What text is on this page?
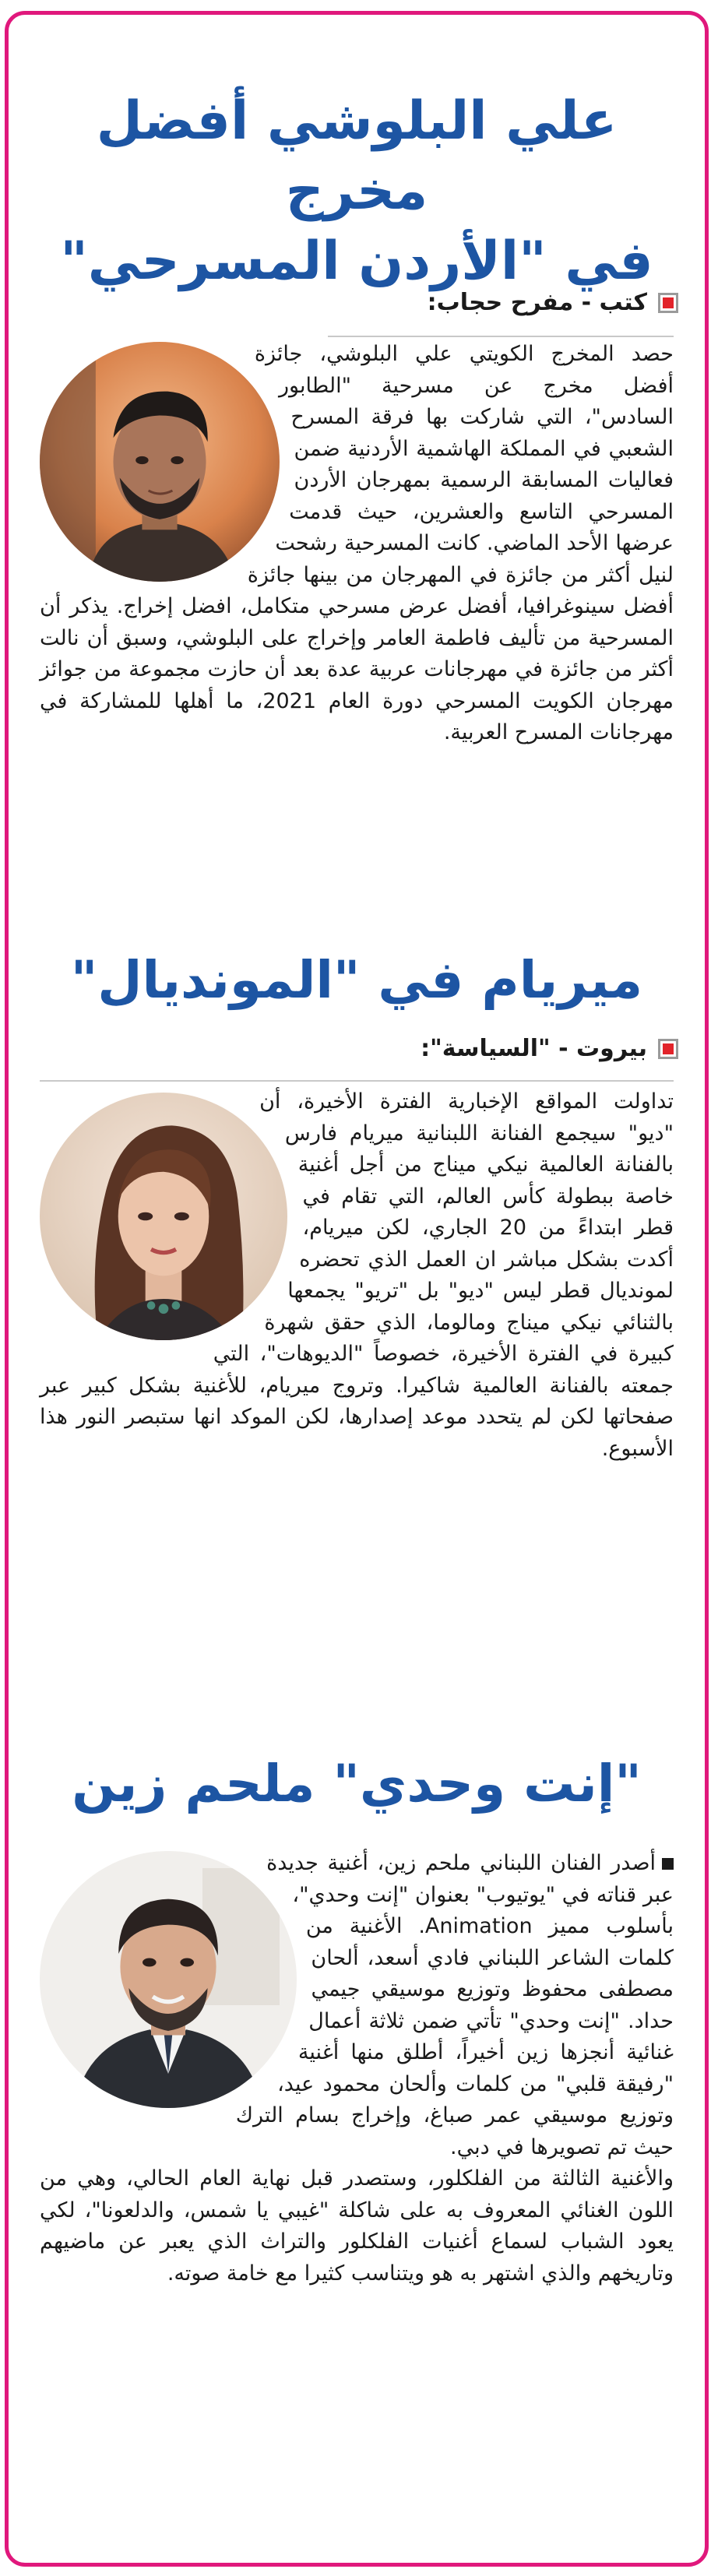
علي البلوشي أفضل مخرج
في "الأردن المسرحي"
كتب - مفرح حجاب:

حصد المخرج الكويتي علي البلوشي، جائزة أفضل مخرج عن مسرحية "الطابور السادس"، التي شاركت بها فرقة المسرح الشعبي في المملكة الهاشمية الأردنية ضمن فعاليات المسابقة الرسمية بمهرجان الأردن المسرحي التاسع والعشرين، حيث قدمت عرضها الأحد الماضي. كانت المسرحية رشحت لنيل أكثر من جائزة في المهرجان من بينها جائزة أفضل سينوغرافيا، أفضل عرض مسرحي متكامل، افضل إخراج. يذكر أن المسرحية من تأليف فاطمة العامر وإخراج على البلوشي، وسبق أن نالت أكثر من جائزة في مهرجانات عربية عدة بعد أن حازت مجموعة من جوائز مهرجان الكويت المسرحي دورة العام 2021، ما أهلها للمشاركة في مهرجانات المسرح العربية.

ميريام في "المونديال"
بيروت - "السياسة":

تداولت المواقع الإخبارية الفترة الأخيرة، أن "ديو" سيجمع الفنانة اللبنانية ميريام فارس بالفنانة العالمية نيكي ميناج من أجل أغنية خاصة ببطولة كأس العالم، التي تقام في قطر ابتداءً من 20 الجاري، لكن ميريام، أكدت بشكل مباشر ان العمل الذي تحضره لمونديال قطر ليس "ديو" بل "تريو" يجمعها بالثنائي نيكي ميناج ومالوما، الذي حقق شهرة كبيرة في الفترة الأخيرة، خصوصاً "الديوهات"، التي جمعته بالفنانة العالمية شاكيرا. وتروج ميريام، للأغنية بشكل كبير عبر صفحاتها لكن لم يتحدد موعد إصدارها، لكن الموكد انها ستبصر النور هذا الأسبوع.

"إنت وحدي" ملحم زين

أصدر الفنان اللبناني ملحم زين، أغنية جديدة عبر قناته في "يوتيوب" بعنوان "إنت وحدي"، بأسلوب مميز Animation. الأغنية من كلمات الشاعر اللبناني فادي أسعد، ألحان مصطفى محفوظ وتوزيع موسيقي جيمي حداد. "إنت وحدي" تأتي ضمن ثلاثة أعمال غنائية أنجزها زين أخيراً، أطلق منها أغنية "رفيقة قلبي" من كلمات وألحان محمود عيد، وتوزيع موسيقي عمر صباغ، وإخراج بسام الترك حيث تم تصويرها في دبي.

والأغنية الثالثة من الفلكلور، وستصدر قبل نهاية العام الحالي، وهي من اللون الغنائي المعروف به على شاكلة "غيبي يا شمس، والدلعونا"، لكي يعود الشباب لسماع أغنيات الفلكلور والتراث الذي يعبر عن ماضيهم وتاريخهم والذي اشتهر به هو ويتناسب كثيرا مع خامة صوته.
